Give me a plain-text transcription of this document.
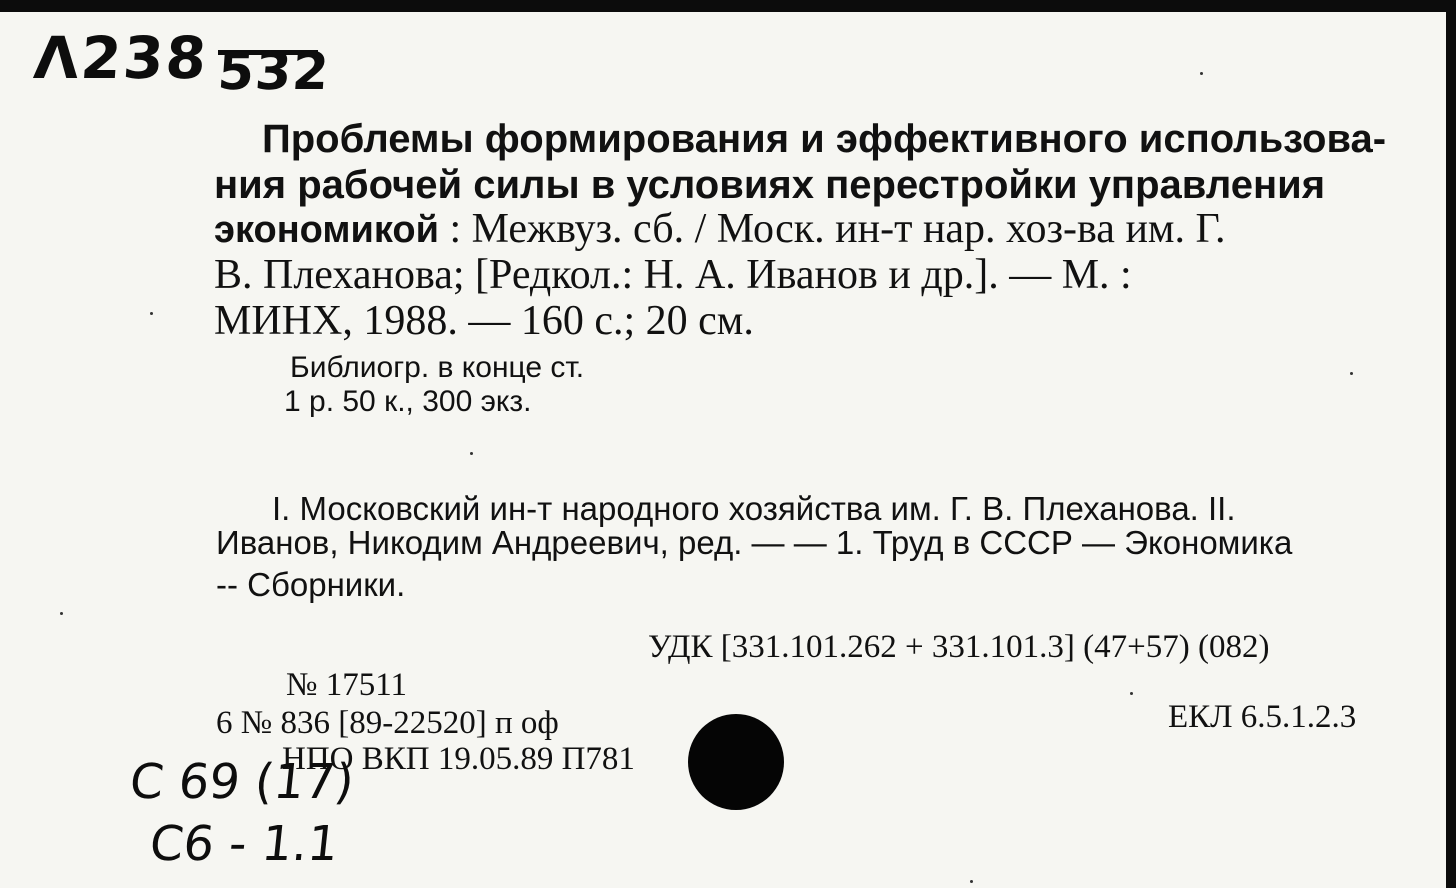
Λ238 532
Проблемы формирования и эффективного использова-
ния рабочей силы в условиях перестройки управления
экономикой : Межвуз. сб. / Моск. ин-т нар. хоз-ва им. Г.
В. Плеханова; [Редкол.: Н. А. Иванов и др.]. — М. :
МИНХ, 1988. — 160 с.; 20 см.
Библиогр. в конце ст.
1 р. 50 к., 300 экз.
I. Московский ин-т народного хозяйства им. Г. В. Плеханова. II.
Иванов, Никодим Андреевич, ред. — — 1. Труд в СССР — Экономика
-- Сборники.
УДК [331.101.262 + 331.101.3] (47+57) (082)
№ 17511
6 № 836 [89-22520] п оф
НПО ВКП 19.05.89 П781
ЕКЛ 6.5.1.2.3
С 69 (17)
С6 - 1.1
